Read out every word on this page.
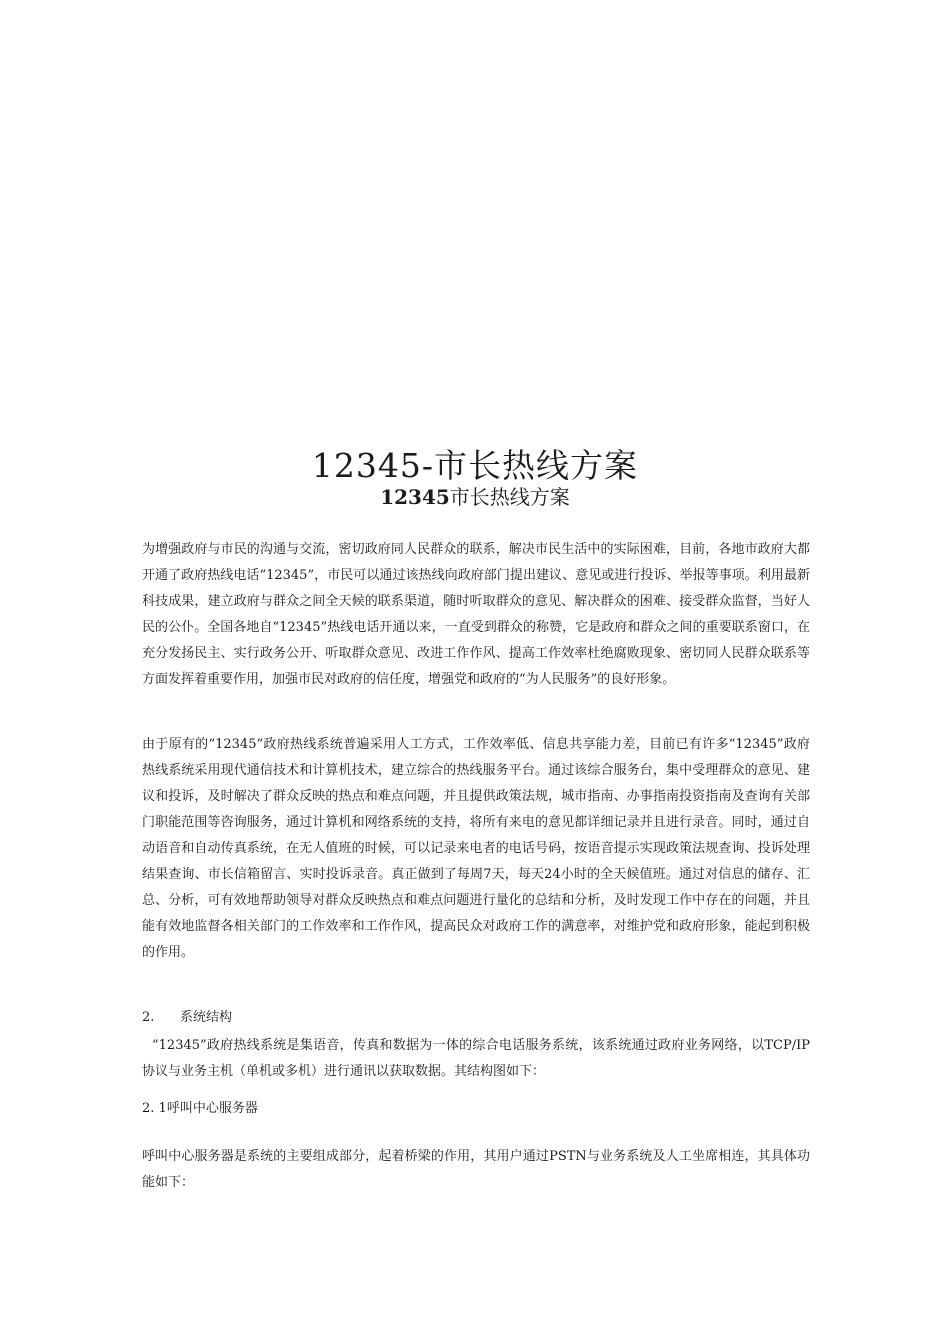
12345-市长热线方案

12345市长热线方案

为增强政府与市民的沟通与交流，密切政府同人民群众的联系，解决市民生活中的实际困难，目前，各地市政府大都开通了政府热线电话“12345”，市民可以通过该热线向政府部门提出建议、意见或进行投诉、举报等事项。利用最新科技成果，建立政府与群众之间全天候的联系渠道，随时听取群众的意见、解决群众的困难、接受群众监督，当好人民的公仆。全国各地自“12345”热线电话开通以来，一直受到群众的称赞，它是政府和群众之间的重要联系窗口，在充分发扬民主、实行政务公开、听取群众意见、改进工作作风、提高工作效率杜绝腐败现象、密切同人民群众联系等方面发挥着重要作用，加强市民对政府的信任度，增强党和政府的“为人民服务”的良好形象。

由于原有的“12345”政府热线系统普遍采用人工方式，工作效率低、信息共享能力差，目前已有许多“12345”政府热线系统采用现代通信技术和计算机技术，建立综合的热线服务平台。通过该综合服务台，集中受理群众的意见、建议和投诉，及时解决了群众反映的热点和难点问题，并且提供政策法规，城市指南、办事指南投资指南及查询有关部门职能范围等咨询服务，通过计算机和网络系统的支持，将所有来电的意见都详细记录并且进行录音。同时，通过自动语音和自动传真系统，在无人值班的时候，可以记录来电者的电话号码，按语音提示实现政策法规查询、投诉处理结果查询、市长信箱留言、实时投诉录音。真正做到了每周7天，每天24小时的全天候值班。通过对信息的储存、汇总、分析，可有效地帮助领导对群众反映热点和难点问题进行量化的总结和分析，及时发现工作中存在的问题，并且能有效地监督各相关部门的工作效率和工作作风，提高民众对政府工作的满意率，对维护党和政府形象，能起到积极的作用。

2. 系统结构

“12345”政府热线系统是集语音，传真和数据为一体的综合电话服务系统，该系统通过政府业务网络，以TCP/IP协议与业务主机（单机或多机）进行通讯以获取数据。其结构图如下：

2. 1呼叫中心服务器

呼叫中心服务器是系统的主要组成部分，起着桥梁的作用，其用户通过PSTN与业务系统及人工坐席相连，其具体功能如下：
